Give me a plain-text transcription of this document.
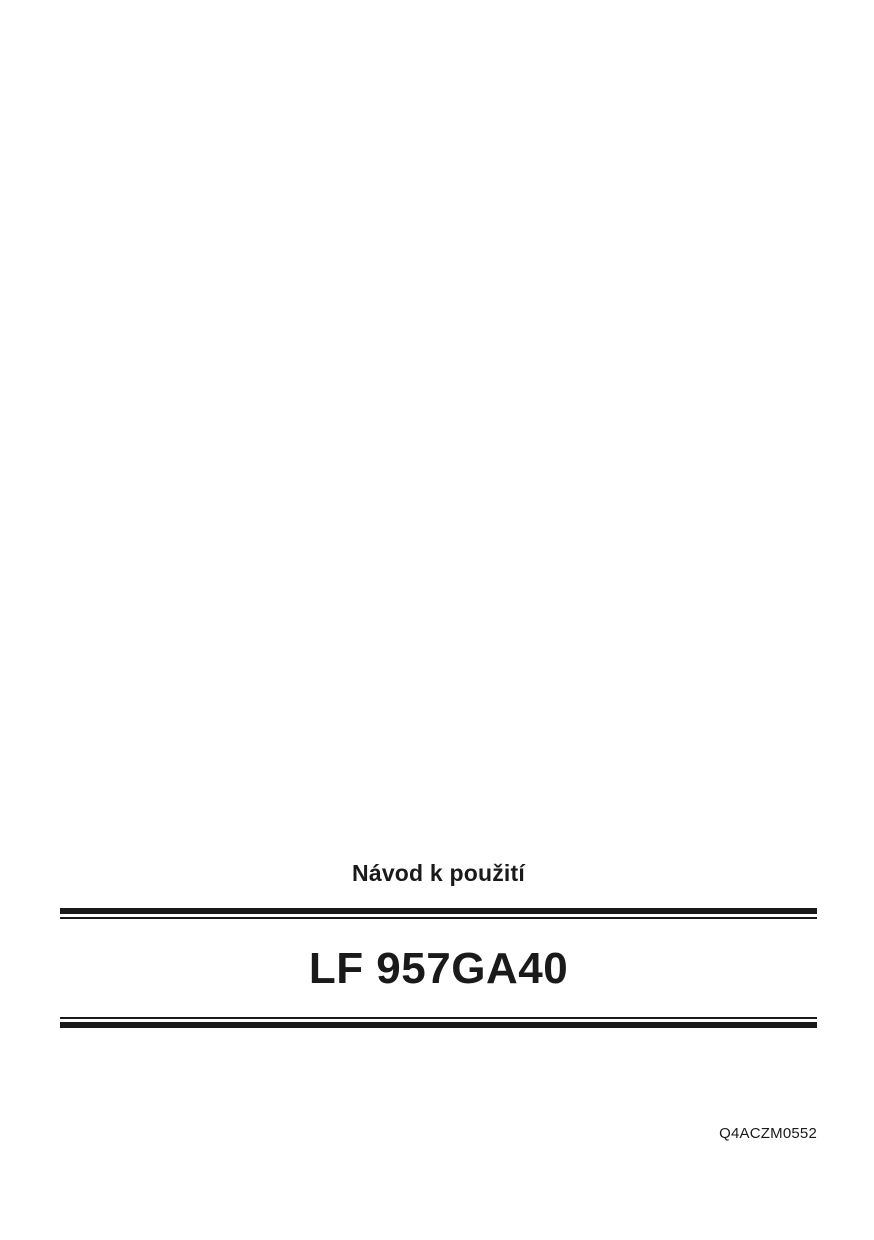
Návod k použití
LF 957GA40
Q4ACZM0552
